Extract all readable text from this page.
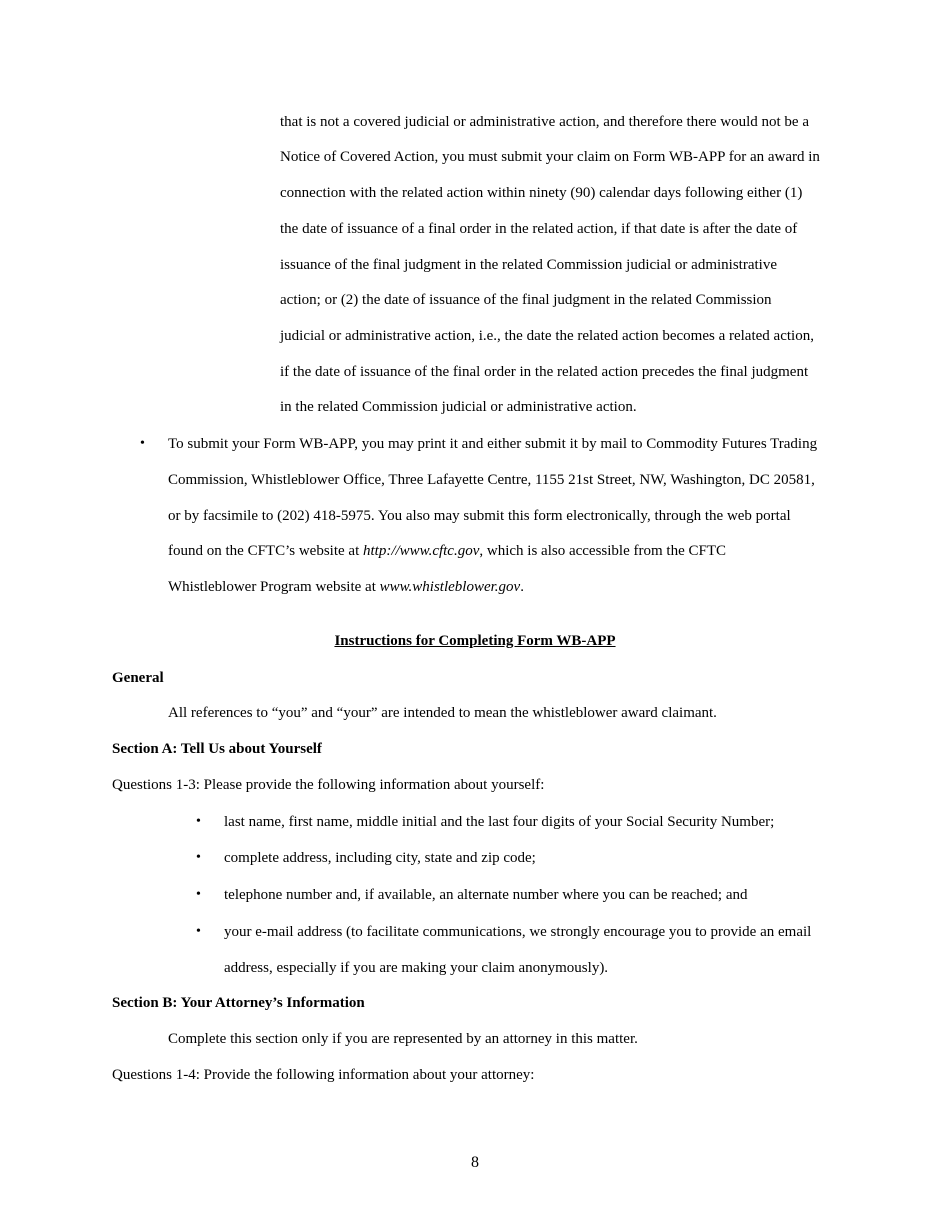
that is not a covered judicial or administrative action, and therefore there would not be a
Notice of Covered Action, you must submit your claim on Form WB-APP for an award in
connection with the related action within ninety (90) calendar days following either (1)
the date of issuance of a final order in the related action, if that date is after the date of
issuance of the final judgment in the related Commission judicial or administrative
action; or (2) the date of issuance of the final judgment in the related Commission
judicial or administrative action, i.e., the date the related action becomes a related action,
if the date of issuance of the final order in the related action precedes the final judgment
in the related Commission judicial or administrative action.
• To submit your Form WB-APP, you may print it and either submit it by mail to Commodity Futures Trading
Commission, Whistleblower Office, Three Lafayette Centre, 1155 21st Street, NW, Washington, DC 20581,
or by facsimile to (202) 418-5975. You also may submit this form electronically, through the web portal
found on the CFTC’s website at http://www.cftc.gov, which is also accessible from the CFTC
Whistleblower Program website at www.whistleblower.gov.
Instructions for Completing Form WB-APP
General
All references to “you” and “your” are intended to mean the whistleblower award claimant.
Section A: Tell Us about Yourself
Questions 1-3: Please provide the following information about yourself:
• last name, first name, middle initial and the last four digits of your Social Security Number;
• complete address, including city, state and zip code;
• telephone number and, if available, an alternate number where you can be reached; and
• your e-mail address (to facilitate communications, we strongly encourage you to provide an email
address, especially if you are making your claim anonymously).
Section B: Your Attorney’s Information
Complete this section only if you are represented by an attorney in this matter.
Questions 1-4: Provide the following information about your attorney:
8
